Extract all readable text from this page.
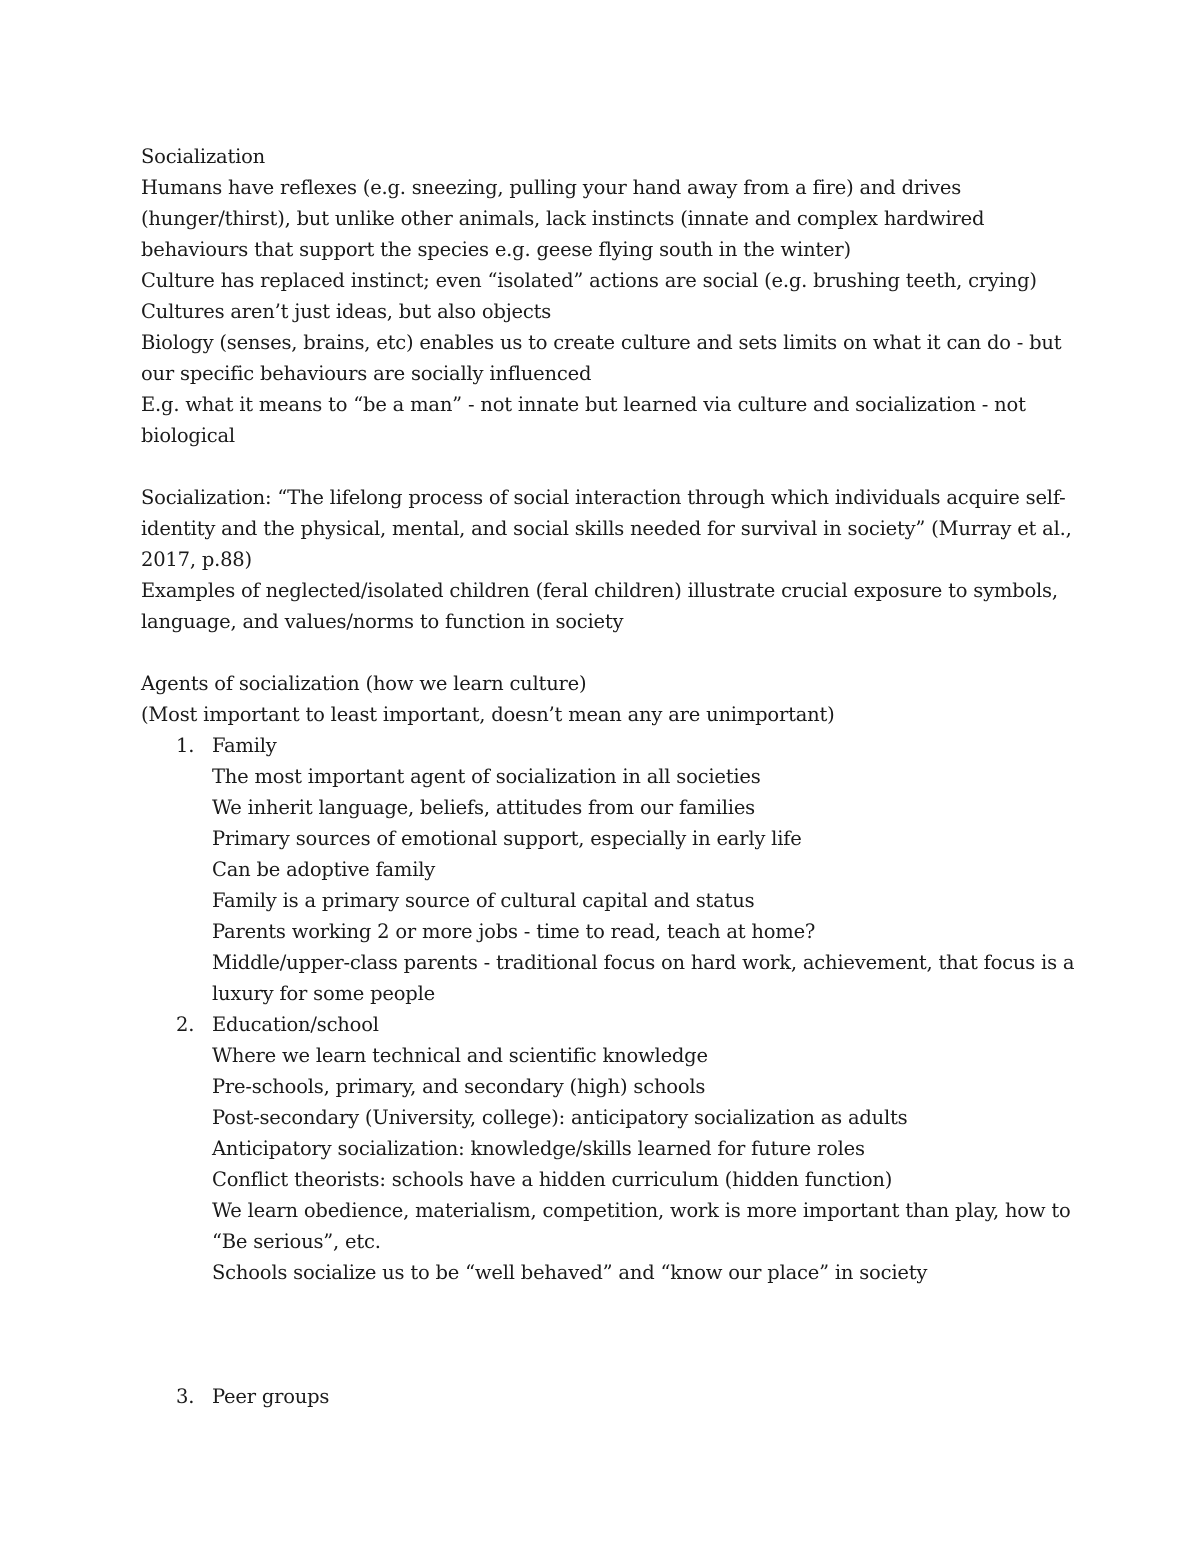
Socialization
Humans have reflexes (e.g. sneezing, pulling your hand away from a fire) and drives
(hunger/thirst), but unlike other animals, lack instincts (innate and complex hardwired
behaviours that support the species e.g. geese flying south in the winter)
Culture has replaced instinct; even “isolated” actions are social (e.g. brushing teeth, crying)
Cultures aren’t just ideas, but also objects
Biology (senses, brains, etc) enables us to create culture and sets limits on what it can do - but
our specific behaviours are socially influenced
E.g. what it means to “be a man” - not innate but learned via culture and socialization - not
biological
Socialization: “The lifelong process of social interaction through which individuals acquire self-
identity and the physical, mental, and social skills needed for survival in society” (Murray et al.,
2017, p.88)
Examples of neglected/isolated children (feral children) illustrate crucial exposure to symbols,
language, and values/norms to function in society
Agents of socialization (how we learn culture)
(Most important to least important, doesn’t mean any are unimportant)
1. Family
The most important agent of socialization in all societies
We inherit language, beliefs, attitudes from our families
Primary sources of emotional support, especially in early life
Can be adoptive family
Family is a primary source of cultural capital and status
Parents working 2 or more jobs - time to read, teach at home?
Middle/upper-class parents - traditional focus on hard work, achievement, that focus is a
luxury for some people
2. Education/school
Where we learn technical and scientific knowledge
Pre-schools, primary, and secondary (high) schools
Post-secondary (University, college): anticipatory socialization as adults
Anticipatory socialization: knowledge/skills learned for future roles
Conflict theorists: schools have a hidden curriculum (hidden function)
We learn obedience, materialism, competition, work is more important than play, how to
“Be serious”, etc.
Schools socialize us to be “well behaved” and “know our place” in society
3. Peer groups
